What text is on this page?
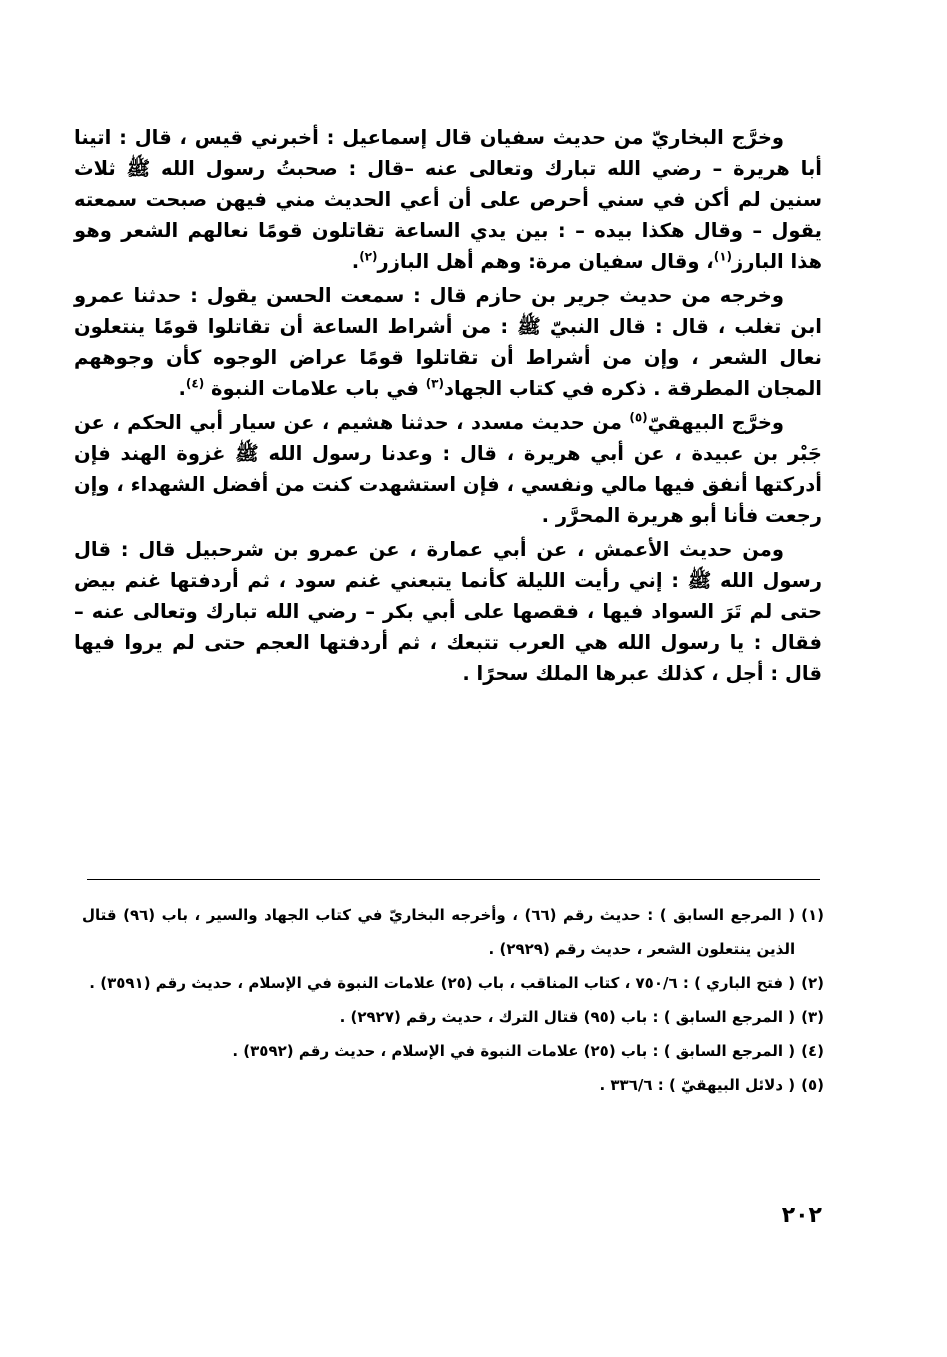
وخرَّج البخاريّ من حديث سفيان قال إسماعيل : أخبرني قيس ، قال : اتينا أبا هريرة – رضي الله تبارك وتعالى عنه –قال : صحبتُ رسول الله ﷺ ثلاث سنين لم أكن في سني أحرص على أن أعي الحديث مني فيهن صبحت سمعته يقول – وقال هكذا بيده – : بين يدي الساعة تقاتلون قومًا نعالهم الشعر وهو هذا البارز$^{(١)}$، وقال سفيان مرة: وهم أهل البازر$^{(٢)}$.

وخرجه من حديث جرير بن حازم قال : سمعت الحسن يقول : حدثنا عمرو ابن تغلب ، قال : قال النبيّ ﷺ : من أشراط الساعة أن تقاتلوا قومًا ينتعلون نعال الشعر ، وإن من أشراط أن تقاتلوا قومًا عراض الوجوه كأن وجوههم المجان المطرقة . ذكره في كتاب الجهاد$^{(٣)}$ في باب علامات النبوة $^{(٤)}$.

وخرَّج البيهقيّ$^{(٥)}$ من حديث مسدد ، حدثنا هشيم ، عن سيار أبي الحكم ، عن جَبْر بن عبيدة ، عن أبي هريرة ، قال : وعدنا رسول الله ﷺ غزوة الهند فإن أدركتها أنفق فيها مالي ونفسي ، فإن استشهدت كنت من أفضل الشهداء ، وإن رجعت فأنا أبو هريرة المحرَّر .

ومن حديث الأعمش ، عن أبي عمارة ، عن عمرو بن شرحبيل قال : قال رسول الله ﷺ : إني رأيت الليلة كأنما يتبعني غنم سود ، ثم أردفتها غنم بيض حتى لم تَرَ السواد فيها ، فقصها على أبي بكر – رضي الله تبارك وتعالى عنه – فقال : يا رسول الله هي العرب تتبعك ، ثم أردفتها العجم حتى لم يروا فيها قال : أجل ، كذلك عبرها الملك سحرًا .

(١)
( المرجع السابق ) : حديث رقم (٦٦) ، وأخرجه البخاريّ في كتاب الجهاد والسير ، باب (٩٦) قتال الذين ينتعلون الشعر ، حديث رقم (٢٩٢٩) .
(٢)
( فتح الباري ) : ٧٥٠/٦ ، كتاب المناقب ، باب (٢٥) علامات النبوة في الإسلام ، حديث رقم (٣٥٩١) .
(٣)
( المرجع السابق ) : باب (٩٥) قتال الترك ، حديث رقم (٢٩٢٧) .
(٤)
( المرجع السابق ) : باب (٢٥) علامات النبوة في الإسلام ، حديث رقم (٣٥٩٢) .
(٥)
( دلائل البيهقيّ ) : ٣٣٦/٦ .
٢٠٢
